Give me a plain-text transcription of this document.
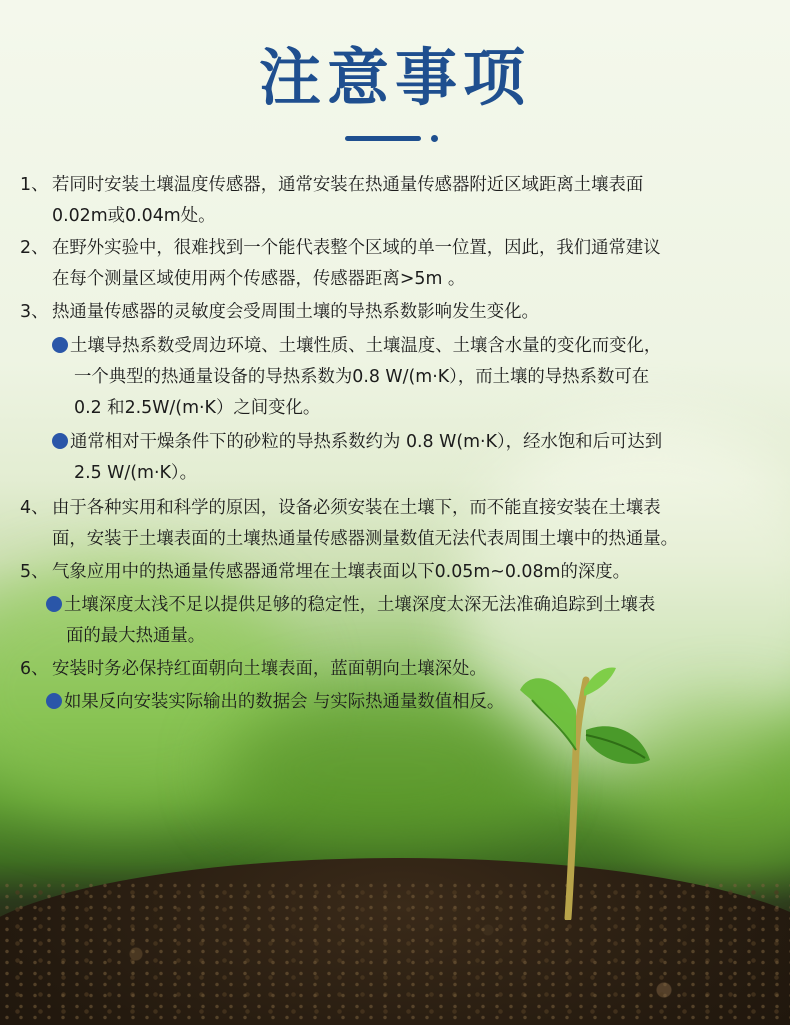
注意事项
1、 若同时安装土壤温度传感器，通常安装在热通量传感器附近区域距离土壤表面
0.02m或0.04m处。
2、 在野外实验中，很难找到一个能代表整个区域的单一位置，因此，我们通常建议
在每个测量区域使用两个传感器，传感器距离>5m 。
3、 热通量传感器的灵敏度会受周围土壤的导热系数影响发生变化。
土壤导热系数受周边环境、土壤性质、土壤温度、土壤含水量的变化而变化，
一个典型的热通量设备的导热系数为0.8 W/(m·K），而土壤的导热系数可在
0.2 和2.5W/(m·K）之间变化。
通常相对干燥条件下的砂粒的导热系数约为 0.8 W(m·K），经水饱和后可达到
2.5 W/(m·K）。
4、 由于各种实用和科学的原因，设备必须安装在土壤下，而不能直接安装在土壤表
面，安装于土壤表面的土壤热通量传感器测量数值无法代表周围土壤中的热通量。
5、 气象应用中的热通量传感器通常埋在土壤表面以下0.05m~0.08m的深度。
土壤深度太浅不足以提供足够的稳定性，土壤深度太深无法准确追踪到土壤表
面的最大热通量。
6、 安装时务必保持红面朝向土壤表面，蓝面朝向土壤深处。
如果反向安装实际输出的数据会 与实际热通量数值相反。
